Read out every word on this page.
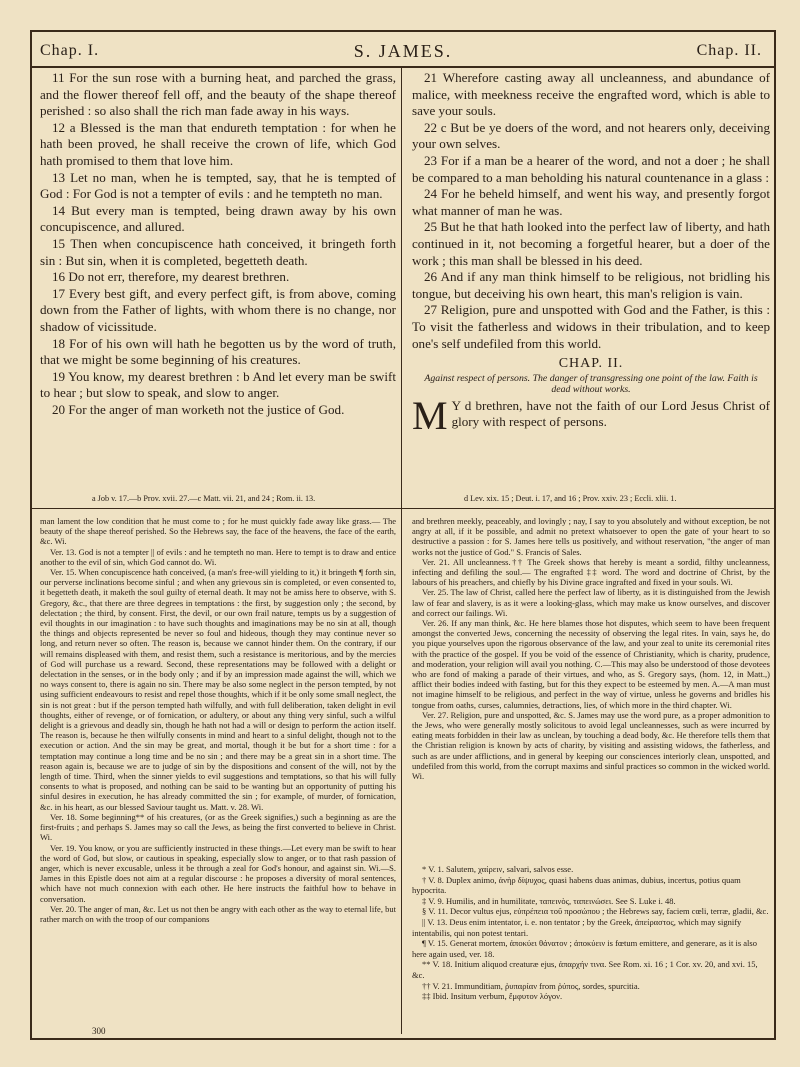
Chap. I.	S. JAMES.	Chap. II.

11 For the sun rose with a burning heat, and parched the grass, and the flower thereof fell off, and the beauty of the shape thereof perished : so also shall the rich man fade away in his ways.

12 a Blessed is the man that endureth temptation : for when he hath been proved, he shall receive the crown of life, which God hath promised to them that love him.

13 Let no man, when he is tempted, say, that he is tempted of God : For God is not a tempter of evils : and he tempteth no man.

14 But every man is tempted, being drawn away by his own concupiscence, and allured.

15 Then when concupiscence hath conceived, it bringeth forth sin : But sin, when it is completed, begetteth death.

16 Do not err, therefore, my dearest brethren.

17 Every best gift, and every perfect gift, is from above, coming down from the Father of lights, with whom there is no change, nor shadow of vicissitude.

18 For of his own will hath he begotten us by the word of truth, that we might be some beginning of his creatures.

19 You know, my dearest brethren : b And let every man be swift to hear ; but slow to speak, and slow to anger.

20 For the anger of man worketh not the justice of God.

21 Wherefore casting away all uncleanness, and abundance of malice, with meekness receive the engrafted word, which is able to save your souls.

22 c But be ye doers of the word, and not hearers only, deceiving your own selves.

23 For if a man be a hearer of the word, and not a doer ; he shall be compared to a man beholding his natural countenance in a glass :

24 For he beheld himself, and went his way, and presently forgot what manner of man he was.

25 But he that hath looked into the perfect law of liberty, and hath continued in it, not becoming a forgetful hearer, but a doer of the work ; this man shall be blessed in his deed.

26 And if any man think himself to be religious, not bridling his tongue, but deceiving his own heart, this man's religion is vain.

27 Religion, pure and unspotted with God and the Father, is this : To visit the fatherless and widows in their tribulation, and to keep one's self undefiled from this world.

CHAP. II.
Against respect of persons. The danger of transgressing one point of the law. Faith is dead without works.
M Y d brethren, have not the faith of our Lord Jesus Christ of glory with respect of persons.
a Job v. 17.—b Prov. xvii. 27.—c Matt. vii. 21, and 24 ; Rom. ii. 13.	d Lev. xix. 15 ; Deut. i. 17, and 16 ; Prov. xxiv. 23 ; Eccli. xlii. 1.

man lament the low condition that he must come to ; for he must quickly fade away like grass.— The beauty of the shape thereof perished. So the Hebrews say, the face of the heavens, the face of the earth, &c. Wi.

Ver. 13. God is not a tempter || of evils : and he tempteth no man. Here to tempt is to draw and entice another to the evil of sin, which God cannot do. Wi.

Ver. 15. When concupiscence hath conceived, (a man's free-will yielding to it,) it bringeth ¶ forth sin, our perverse inclinations become sinful ; and when any grievous sin is completed, or even consented to, it begetteth death, it maketh the soul guilty of eternal death. It may not be amiss here to observe, with S. Gregory, &c., that there are three degrees in temptations : the first, by suggestion only ; the second, by delectation ; the third, by consent. First, the devil, or our own frail nature, tempts us by a suggestion of evil thoughts in our imagination : to have such thoughts and imaginations may be no sin at all, though the things and objects represented be never so foul and hideous, though they may continue never so long, and return never so often. The reason is, because we cannot hinder them. On the contrary, if our will remains displeased with them, and resist them, such a resistance is meritorious, and by the mercies of God will purchase us a reward. Second, these representations may be followed with a delight or delectation in the senses, or in the body only ; and if by an impression made against the will, which we no ways consent to, there is again no sin. There may be also some neglect in the person tempted, by not using sufficient endeavours to resist and repel those thoughts, which if it be only some small neglect, the sin is not great : but if the person tempted hath wilfully, and with full deliberation, taken delight in evil thoughts, either of revenge, or of fornication, or adultery, or about any thing very sinful, such a wilful delight is a grievous and deadly sin, though he hath not had a will or design to perform the action itself. The reason is, because he then wilfully consents in mind and heart to a sinful delight, though not to the execution or action. And the sin may be great, and mortal, though it be but for a short time : for a temptation may continue a long time and be no sin ; and there may be a great sin in a short time. The reason again is, because we are to judge of sin by the dispositions and consent of the will, not by the length of time. Third, when the sinner yields to evil suggestions and temptations, so that his will fully consents to what is proposed, and nothing can be said to be wanting but an opportunity of putting his sinful desires in execution, he has already committed the sin ; for example, of murder, of fornication, &c. in his heart, as our blessed Saviour taught us. Matt. v. 28. Wi.

Ver. 18. Some beginning** of his creatures, (or as the Greek signifies,) such a beginning as are the first-fruits ; and perhaps S. James may so call the Jews, as being the first converted to believe in Christ. Wi.

Ver. 19. You know, or you are sufficiently instructed in these things.—Let every man be swift to hear the word of God, but slow, or cautious in speaking, especially slow to anger, or to that rash passion of anger, which is never excusable, unless it be through a zeal for God's honour, and against sin. Wi.—S. James in this Epistle does not aim at a regular discourse : he proposes a diversity of moral sentences, which have not much connexion with each other. He here instructs the faithful how to behave in conversation.

Ver. 20. The anger of man, &c. Let us not then be angry with each other as the way to eternal life, but rather march on with the troop of our companions

and brethren meekly, peaceably, and lovingly ; nay, I say to you absolutely and without exception, be not angry at all, if it be possible, and admit no pretext whatsoever to open the gate of your heart to so destructive a passion : for S. James here tells us positively, and without reservation, "the anger of man works not the justice of God." S. Francis of Sales.

Ver. 21. All uncleanness.†† The Greek shows that hereby is meant a sordid, filthy uncleanness, infecting and defiling the soul.— The engrafted ‡‡ word. The word and doctrine of Christ, by the labours of his preachers, and chiefly by his Divine grace ingrafted and fixed in your souls. Wi.

Ver. 25. The law of Christ, called here the perfect law of liberty, as it is distinguished from the Jewish law of fear and slavery, is as it were a looking-glass, which may make us know ourselves, and discover and correct our failings. Wi.

Ver. 26. If any man think, &c. He here blames those hot disputes, which seem to have been frequent amongst the converted Jews, concerning the necessity of observing the legal rites. In vain, says he, do you pique yourselves upon the rigorous observance of the law, and your zeal to unite its ceremonial rites with the practice of the gospel. If you be void of the essence of Christianity, which is charity, prudence, and moderation, your religion will avail you nothing. C.—This may also be understood of those devotees who are fond of making a parade of their virtues, and who, as S. Gregory says, (hom. 12, in Matt.,) afflict their bodies indeed with fasting, but for this they expect to be esteemed by men. A.—A man must not imagine himself to be religious, and perfect in the way of virtue, unless he governs and bridles his tongue from oaths, curses, calumnies, detractions, lies, of which more in the third chapter. Wi.

Ver. 27. Religion, pure and unspotted, &c. S. James may use the word pure, as a proper admonition to the Jews, who were generally mostly solicitous to avoid legal uncleannesses, such as were incurred by eating meats forbidden in their law as unclean, by touching a dead body, &c. He therefore tells them that the Christian religion is known by acts of charity, by visiting and assisting widows, the fatherless, and such as are under afflictions, and in general by keeping our consciences interiorly clean, unspotted, and undefiled from this world, from the corrupt maxims and sinful practices so common in the wicked world. Wi.

* V. 1. Salutem, χαίρειν, salvari, salvos esse.

† V. 8. Duplex animo, ἀνὴρ δίψυχος, quasi habens duas animas, dubius, incertus, potius quam hypocrita.

‡ V. 9. Humilis, and in humilitate, ταπεινὸς, ταπεινώσει. See S. Luke i. 48.

§ V. 11. Decor vultus ejus, εὐπρέπεια τοῦ προσώπου ; the Hebrews say, faciem cœli, terræ, gladii, &c.

|| V. 13. Deus enim intentator, i. e. non tentator ; by the Greek, ἀπείραστος, which may signify intentabilis, qui non potest tentari.

¶ V. 15. Generat mortem, ἀποκύει θάνατον ; ἀποκύειν is fœtum emittere, and generare, as it is also here again used, ver. 18.

** V. 18. Initium aliquod creaturæ ejus, ἀπαρχήν τινα. See Rom. xi. 16 ; 1 Cor. xv. 20, and xvi. 15, &c.

†† V. 21. Immunditiam, ῥυπαρίαν from ῥύπος, sordes, spurcitia.

‡‡ Ibid. Insitum verbum, ἔμφυτον λόγον.

300
